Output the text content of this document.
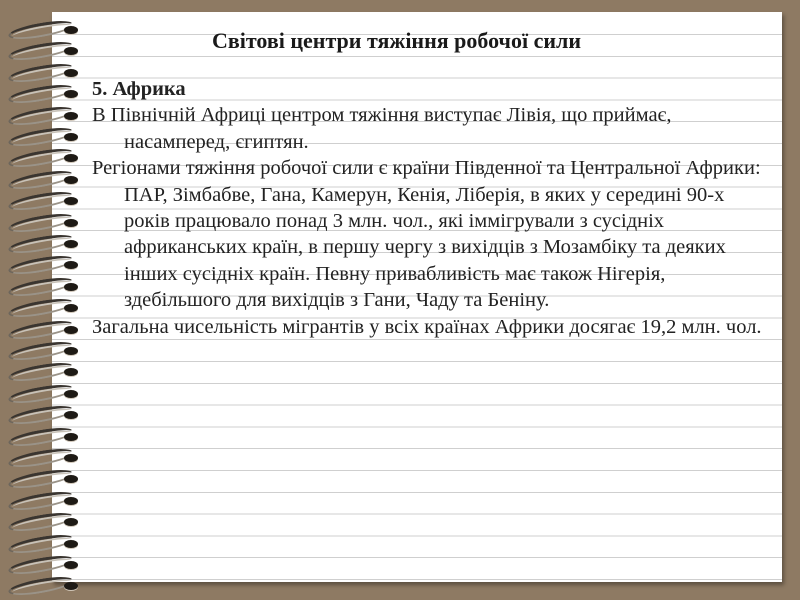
Світові центри тяжіння робочої сили

5. Африка

В Північній Африці центром тяжіння виступає Лівія, що приймає, насамперед, єгиптян.

Регіонами тяжіння робочої сили є країни Південної та Центральної Африки: ПАР, Зімбабве, Гана, Камерун, Кенія, Ліберія, в яких у середині 90-х років працювало понад 3 млн. чол., які іммігрували з сусідніх африканських країн, в першу чергу з вихідців з Мозамбіку та деяких інших сусідніх країн. Певну привабливість має також Нігерія, здебільшого для вихідців з Гани, Чаду та Беніну.

Загальна чисельність мігрантів у всіх країнах Африки досягає 19,2 млн. чол.
